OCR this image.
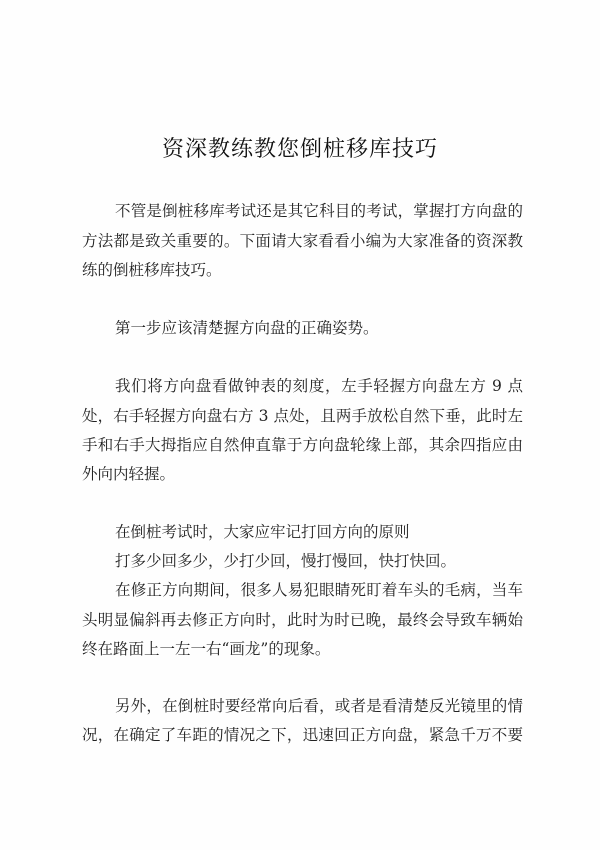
资深教练教您倒桩移库技巧
不管是倒桩移库考试还是其它科目的考试，掌握打方向盘的
方法都是致关重要的。下面请大家看看小编为大家准备的资深教
练的倒桩移库技巧。
第一步应该清楚握方向盘的正确姿势。
我们将方向盘看做钟表的刻度，左手轻握方向盘左方 9 点
处，右手轻握方向盘右方 3 点处，且两手放松自然下垂，此时左
手和右手大拇指应自然伸直靠于方向盘轮缘上部，其余四指应由
外向内轻握。
在倒桩考试时，大家应牢记打回方向的原则
打多少回多少，少打少回，慢打慢回，快打快回。
在修正方向期间，很多人易犯眼睛死盯着车头的毛病，当车
头明显偏斜再去修正方向时，此时为时已晚，最终会导致车辆始
终在路面上一左一右“画龙”的现象。
另外，在倒桩时要经常向后看，或者是看清楚反光镜里的情
况，在确定了车距的情况之下，迅速回正方向盘，紧急千万不要
